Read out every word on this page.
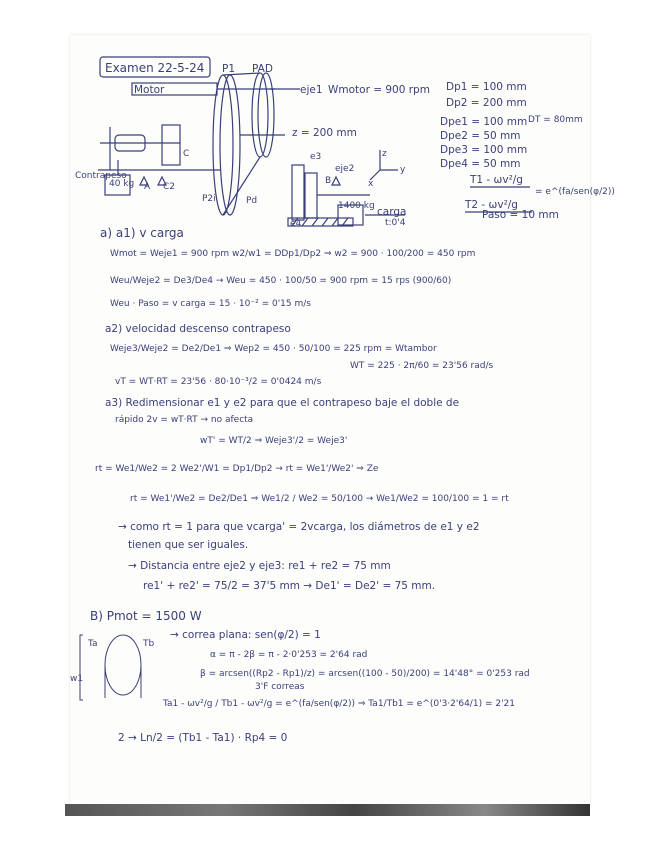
Examen 22-5-24 P1 PAD
Motor	eje1 Wmotor = 900 rpm
z = 200 mm
e3
eje2
C
A C2
B
P2i	Pd
Contrapeso
40 kg
1400 kg carga
t:0'4
e4
z
y
x
Dp1 = 100 mm
Dp2 = 200 mm
Dpe1 = 100 mm
Dpe2 = 50 mm
Dpe3 = 100 mm
Dpe4 = 50 mm
DT = 80mm
T1 - ωv²/g
T2 - ωv²/g
= e^(fa/sen(φ/2))
Paso = 10 mm
a) a1) v carga
Wmot = Weje1 = 900 rpm w2/w1 = DDp1/Dp2 ⇒ w2 = 900 · 100/200 = 450 rpm
Weu/Weje2 = De3/De4 → Weu = 450 · 100/50 = 900 rpm = 15 rps (900/60)
Weu · Paso = v carga = 15 · 10⁻² = 0'15 m/s
a2) velocidad descenso contrapeso
Weje3/Weje2 = De2/De1 ⇒ Wep2 = 450 · 50/100 = 225 rpm = Wtambor
WT = 225 · 2π/60 = 23'56 rad/s
vT = WT·RT = 23'56 · 80·10⁻³/2 = 0'0424 m/s
a3) Redimensionar e1 y e2 para que el contrapeso baje el doble de
rápido 2v = wT·RT → no afecta
wT' = WT/2 ⇒ Weje3'/2 = Weje3'
rt = We1/We2 = 2 We2'/W1 = Dp1/Dp2 → rt = We1'/We2' ⇒ Ze
rt = We1'/We2 = De2/De1 ⇒ We1/2 / We2 = 50/100 → We1/We2 = 100/100 = 1 = rt
→ como rt = 1 para que vcarga' = 2vcarga, los diámetros de e1 y e2
tienen que ser iguales.
→ Distancia entre eje2 y eje3: re1 + re2 = 75 mm
re1' + re2' = 75/2 = 37'5 mm → De1' = De2' = 75 mm.
B) Pmot = 1500 W
→ correa plana: sen(φ/2) = 1
α = π - 2β = π - 2·0'253 = 2'64 rad
β = arcsen((Rp2 - Rp1)/z) = arcsen((100 - 50)/200) = 14'48° = 0'253 rad
Ta1 - ωv²/g / Tb1 - ωv²/g = e^(fa/sen(φ/2)) ⇒ Ta1/Tb1 = e^(0'3·2'64/1) = 2'21
2 → Ln/2 = (Tb1 - Ta1) · Rp4 = 0
Ta	Tb
3'F correas
w1
